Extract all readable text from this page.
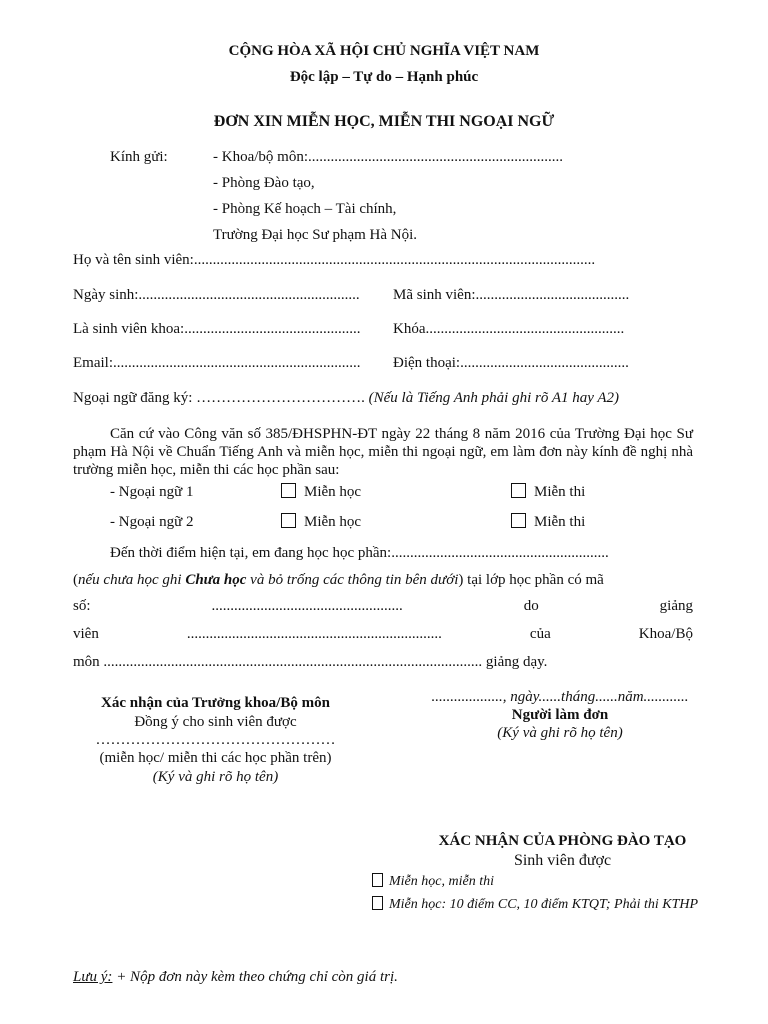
CỘNG HÒA XÃ HỘI CHỦ NGHĨA VIỆT NAM
Độc lập – Tự do – Hạnh phúc
ĐƠN XIN MIỄN HỌC, MIỄN THI NGOẠI NGỮ
Kính gửi:	- Khoa/bộ môn:....................................................................
- Phòng Đào tạo,
- Phòng Kế hoạch – Tài chính,
Trường Đại học Sư phạm Hà Nội.
Họ và tên sinh viên:...........................................................................................................
Ngày sinh:........................................................... Mã sinh viên:.........................................
Là sinh viên khoa:............................................... Khóa.....................................................
Email:.................................................................. Điện thoại:.............................................
Ngoại ngữ đăng ký: ……………………………. (Nếu là Tiếng Anh phải ghi rõ A1 hay A2)
Căn cứ vào Công văn số 385/ĐHSPHN-ĐT ngày 22 tháng 8 năm 2016 của Trường Đại học Sư phạm Hà Nội về Chuẩn Tiếng Anh và miễn học, miễn thi ngoại ngữ, em làm đơn này kính đề nghị nhà trường miễn học, miễn thi các học phần sau:
- Ngoại ngữ 1	Miễn học	Miễn thi
- Ngoại ngữ 2	Miễn học	Miễn thi
Đến thời điểm hiện tại, em đang học học phần:..........................................................
(nếu chưa học ghi Chưa học và bỏ trống các thông tin bên dưới) tại lớp học phần có mã
số:	...................................................	do	giảng
viên	....................................................................	của	Khoa/Bộ
môn ..................................................................................................... giảng dạy.
Xác nhận của Trưởng khoa/Bộ môn
Đồng ý cho sinh viên được
…………………………………………
(miễn học/ miễn thi các học phần trên)
(Ký và ghi rõ họ tên)
..................., ngày......tháng......năm............
Người làm đơn
(Ký và ghi rõ họ tên)
XÁC NHẬN CỦA PHÒNG ĐÀO TẠO
Sinh viên được
Miễn học, miễn thi
Miễn học: 10 điểm CC, 10 điểm KTQT; Phải thi KTHP
Lưu ý: + Nộp đơn này kèm theo chứng chỉ còn giá trị.
